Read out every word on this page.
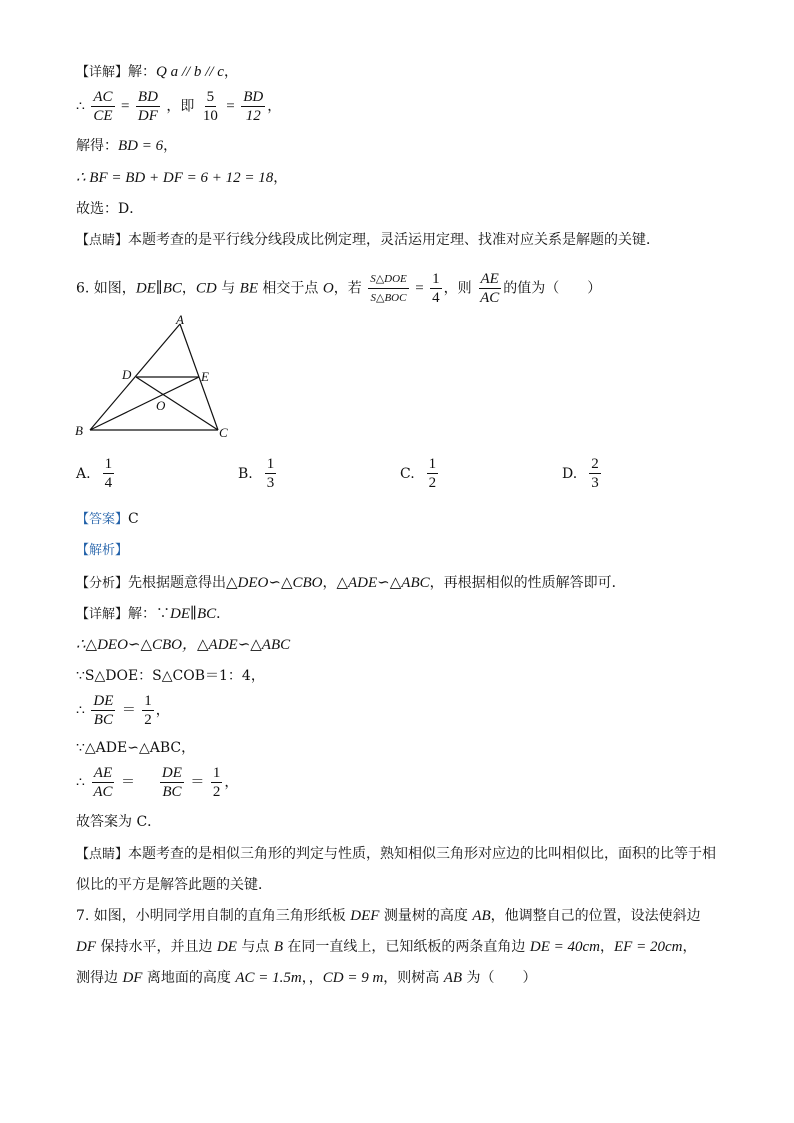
【详解】解：Q a // b // c，
∴ $\frac{AC}{CE} = \frac{BD}{DF}$ ，即 $\frac{5}{10} = \frac{BD}{12}$ ，
解得：BD = 6，
∴ BF = BD + DF = 6 + 12 = 18，
故选：D．
【点睛】本题考查的是平行线分线段成比例定理，灵活运用定理、找准对应关系是解题的关键．
6. 如图，DE∥BC，CD 与 BE 相交于点 O，若 $\frac{\text{S△DOE}}{\text{S△BOC}} = \frac{1}{4}$ ，则 $\frac{AE}{AC}$ 的值为（　　）
A
B	C
D	E
O
A. $\frac{1}{4}$	B. $\frac{1}{3}$	C. $\frac{1}{2}$	D. $\frac{2}{3}$
【答案】C
【解析】
【分析】先根据题意得出△DEO∽△CBO，△ADE∽△ABC，再根据相似的性质解答即可．
【详解】解：∵DE∥BC．
∴△DEO∽△CBO，△ADE∽△ABC
∵S△DOE：S△COB＝1：4，
∴ $\frac{DE}{BC} = \frac{1}{2}$ ，
∵△ADE∽△ABC，
∴ $\frac{AE}{AC} = \frac{DE}{BC} = \frac{1}{2}$ ，
故答案为 C．
【点睛】本题考查的是相似三角形的判定与性质，熟知相似三角形对应边的比叫相似比，面积的比等于相
似比的平方是解答此题的关键．
7. 如图，小明同学用自制的直角三角形纸板 DEF 测量树的高度 AB，他调整自己的位置，设法使斜边
DF 保持水平，并且边 DE 与点 B 在同一直线上，已知纸板的两条直角边 DE = 40cm，EF = 20cm，
测得边 DF 离地面的高度 AC = 1.5m，，CD = 9 m，则树高 AB 为（　　）
